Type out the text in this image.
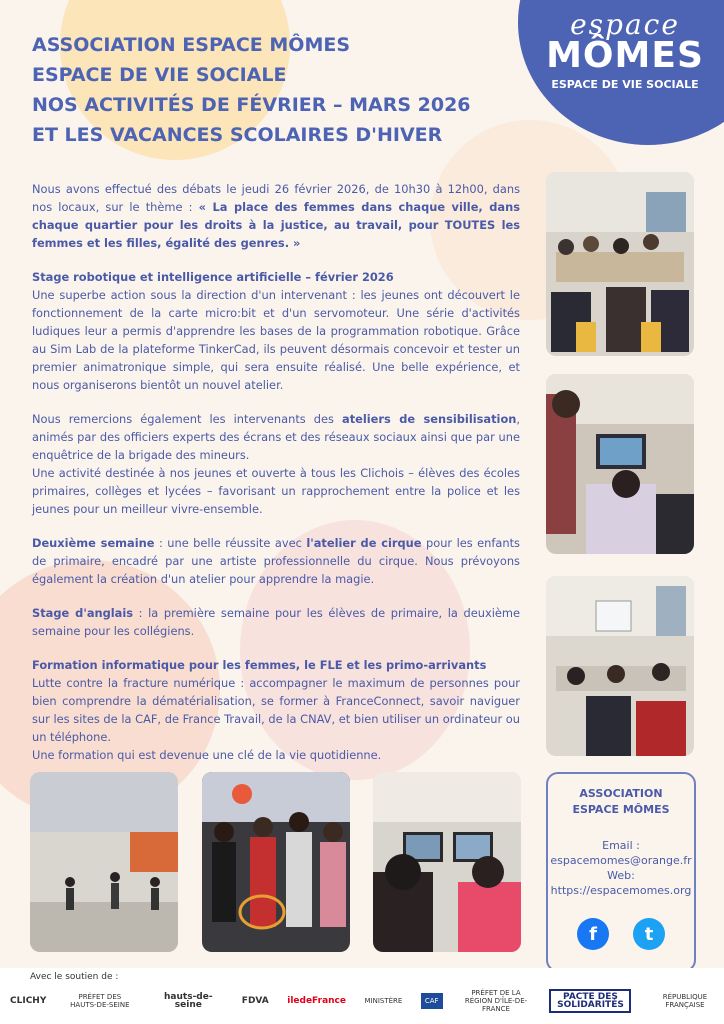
espace
MÔMES
ESPACE DE VIE SOCIALE
ASSOCIATION ESPACE MÔMES
ESPACE DE VIE SOCIALE
NOS ACTIVITÉS DE FÉVRIER – MARS 2026
ET LES VACANCES SCOLAIRES D'HIVER

Nous avons effectué des débats le jeudi 26 février 2026, de 10h30 à 12h00, dans nos locaux, sur le thème : « La place des femmes dans chaque ville, dans chaque quartier pour les droits à la justice, au travail, pour TOUTES les femmes et les filles, égalité des genres. »

Stage robotique et intelligence artificielle – février 2026
Une superbe action sous la direction d'un intervenant : les jeunes ont découvert le fonctionnement de la carte micro:bit et d'un servomoteur. Une série d'activités ludiques leur a permis d'apprendre les bases de la programmation robotique. Grâce au Sim Lab de la plateforme TinkerCad, ils peuvent désormais concevoir et tester un premier animatronique simple, qui sera ensuite réalisé. Une belle expérience, et nous organiserons bientôt un nouvel atelier.

Nous remercions également les intervenants des ateliers de sensibilisation, animés par des officiers experts des écrans et des réseaux sociaux ainsi que par une enquêtrice de la brigade des mineurs.
Une activité destinée à nos jeunes et ouverte à tous les Clichois – élèves des écoles primaires, collèges et lycées – favorisant un rapprochement entre la police et les jeunes pour un meilleur vivre-ensemble.

Deuxième semaine : une belle réussite avec l'atelier de cirque pour les enfants de primaire, encadré par une artiste professionnelle du cirque. Nous prévoyons également la création d'un atelier pour apprendre la magie.

Stage d'anglais : la première semaine pour les élèves de primaire, la deuxième semaine pour les collégiens.

Formation informatique pour les femmes, le FLE et les primo-arrivants
Lutte contre la fracture numérique : accompagner le maximum de personnes pour bien comprendre la dématérialisation, se former à FranceConnect, savoir naviguer sur les sites de la CAF, de France Travail, de la CNAV, et bien utiliser un ordinateur ou un téléphone.
Une formation qui est devenue une clé de la vie quotidienne.

ASSOCIATION
ESPACE MÔMES
Email :
espacemomes@orange.fr
Web:
https://espacemomes.org
f	t
Avec le soutien de :
CLICHY	PRÉFET DES HAUTS-DE-SEINE
hauts-de-seine	FDVA iledeFrance	MINISTÈRE	CAF
PRÉFET DE LA RÉGION D'ÎLE-DE-FRANCE
PACTE DES SOLIDARITÉS
RÉPUBLIQUE FRANÇAISE
